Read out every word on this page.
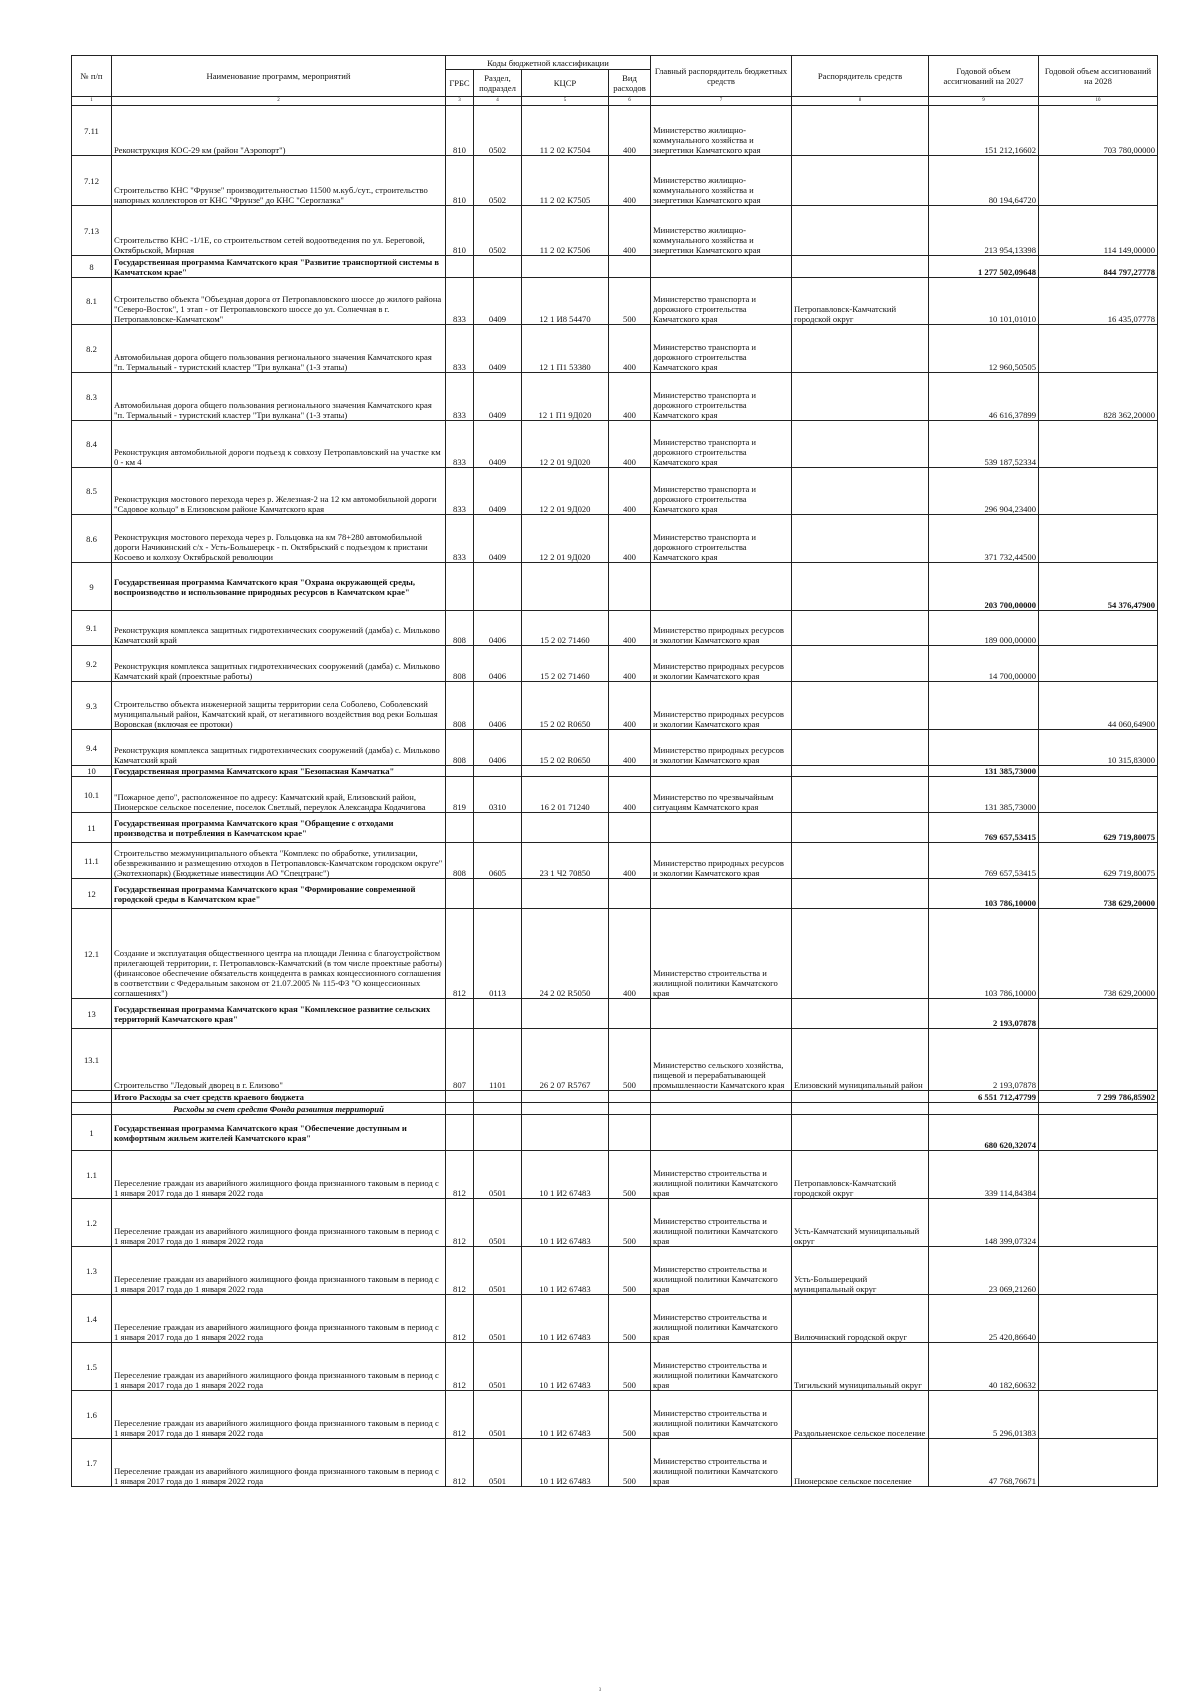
№ п/п	Наименование программ, мероприятий	Коды бюджетной классификации				Главный распорядитель бюджетных средств	Распорядитель средств	Годовой объем ассигнований на 2027	Годовой объем ассигнований на 2028
		ГРБС	Раздел, подраздел	КЦСР	Вид расходов				
1	2	3	4	5	6	7	8	9	10
7.11	Реконструкция КОС-29 км (район "Аэропорт")	810	0502	11 2 02 К7504	400	Министерство жилищно-коммунального хозяйства и энергетики Камчатского края		151 212,16602	703 780,00000
7.12	Строительство КНС "Фрунзе" производительностью 11500 м.куб./сут., строительство напорных коллекторов от КНС "Фрунзе" до КНС "Сероглазка"	810	0502	11 2 02 К7505	400	Министерство жилищно-коммунального хозяйства и энергетики Камчатского края		80 194,64720	
7.13	Строительство КНС -1/1Е, со строительством сетей водоотведения по ул. Береговой, Октябрьской, Мирная	810	0502	11 2 02 К7506	400	Министерство жилищно-коммунального хозяйства и энергетики Камчатского края		213 954,13398	114 149,00000
8	Государственная программа Камчатского края "Развитие транспортной системы в Камчатском крае"							1 277 502,09648	844 797,27778
8.1	Строительство объекта "Объездная дорога от Петропавловского шоссе до жилого района "Северо-Восток", 1 этап - от Петропавловского шоссе до ул. Солнечная в г. Петропавловске-Камчатском"	833	0409	12 1 И8 54470	500	Министерство транспорта и дорожного строительства Камчатского края	Петропавловск-Камчатский городской округ	10 101,01010	16 435,07778
8.2	Автомобильная дорога общего пользования регионального значения Камчатского края "п. Термальный - туристский кластер "Три вулкана" (1-3 этапы)	833	0409	12 1 П1 53380	400	Министерство транспорта и дорожного строительства Камчатского края		12 960,50505	
8.3	Автомобильная дорога общего пользования регионального значения Камчатского края "п. Термальный - туристский кластер "Три вулкана" (1-3 этапы)	833	0409	12 1 П1 9Д020	400	Министерство транспорта и дорожного строительства Камчатского края		46 616,37899	828 362,20000
8.4	Реконструкция автомобильной дороги подъезд к совхозу Петропавловский на участке км 0 - км 4	833	0409	12 2 01 9Д020	400	Министерство транспорта и дорожного строительства Камчатского края		539 187,52334	
8.5	Реконструкция мостового перехода через р. Железная-2 на 12 км автомобильной дороги "Садовое кольцо" в Елизовском районе Камчатского края	833	0409	12 2 01 9Д020	400	Министерство транспорта и дорожного строительства Камчатского края		296 904,23400	
8.6	Реконструкция мостового перехода через р. Гольцовка на км 78+280 автомобильной дороги Начикинский с/х - Усть-Большерецк - п. Октябрьский с подъездом к пристани Косоево и колхозу Октябрьской революции	833	0409	12 2 01 9Д020	400	Министерство транспорта и дорожного строительства Камчатского края		371 732,44500	
9	Государственная программа Камчатского края "Охрана окружающей среды, воспроизводство и использование природных ресурсов в Камчатском крае"							203 700,00000	54 376,47900
9.1	Реконструкция комплекса защитных гидротехнических сооружений (дамба) с. Мильково Камчатский край	808	0406	15 2 02 71460	400	Министерство природных ресурсов и экологии Камчатского края		189 000,00000	
9.2	Реконструкция комплекса защитных гидротехнических сооружений (дамба) с. Мильково Камчатский край (проектные работы)	808	0406	15 2 02 71460	400	Министерство природных ресурсов и экологии Камчатского края		14 700,00000	
9.3	Строительство объекта инженерной защиты территории села Соболево, Соболевский муниципальный район, Камчатский край, от негативного воздействия вод реки Большая Воровская (включая ее протоки)	808	0406	15 2 02 R0650	400	Министерство природных ресурсов и экологии Камчатского края			44 060,64900
9.4	Реконструкция комплекса защитных гидротехнических сооружений (дамба) с. Мильково Камчатский край	808	0406	15 2 02 R0650	400	Министерство природных ресурсов и экологии Камчатского края			10 315,83000
10	Государственная программа Камчатского края "Безопасная Камчатка"							131 385,73000	
10.1	"Пожарное депо", расположенное по адресу: Камчатский край, Елизовский район, Пионерское сельское поселение, поселок Светлый, переулок Александра Кодачигова	819	0310	16 2 01 71240	400	Министерство по чрезвычайным ситуациям Камчатского края		131 385,73000	
11	Государственная программа Камчатского края "Обращение с отходами производства и потребления в Камчатском крае"							769 657,53415	629 719,80075
11.1	Строительство межмуниципального объекта "Комплекс по обработке, утилизации, обезвреживанию и размещению отходов в Петропавловск-Камчатском городском округе" (Экотехнопарк) (Бюджетные инвестиции АО "Спецтранс")	808	0605	23 1 Ч2 70850	400	Министерство природных ресурсов и экологии Камчатского края		769 657,53415	629 719,80075
12	Государственная программа Камчатского края "Формирование современной городской среды в Камчатском крае"							103 786,10000	738 629,20000
12.1	Создание и эксплуатация общественного центра на площади Ленина с благоустройством прилегающей территории, г. Петропавловск-Камчатский (в том числе проектные работы) (финансовое обеспечение обязательств концедента в рамках концессионного соглашения в соответствии с Федеральным законом от 21.07.2005 № 115-ФЗ "О концессионных соглашениях")	812	0113	24 2 02 R5050	400	Министерство строительства и жилищной политики Камчатского края		103 786,10000	738 629,20000
13	Государственная программа Камчатского края "Комплексное развитие сельских территорий Камчатского края"							2 193,07878	
13.1	Строительство "Ледовый дворец в г. Елизово"	807	1101	26 2 07 R5767	500	Министерство сельского хозяйства, пищевой и перерабатывающей промышленности Камчатского края	Елизовский муниципальный район	2 193,07878	
	Итого Расходы за счет средств краевого бюджета							6 551 712,47799	7 299 786,85902
	Расходы за счет средств Фонда развития территорий								
1	Государственная программа Камчатского края "Обеспечение доступным и комфортным жильем жителей Камчатского края"							680 620,32074	
1.1	Переселение граждан из аварийного жилищного фонда признанного таковым в период с 1 января 2017 года до 1 января 2022 года	812	0501	10 1 И2 67483	500	Министерство строительства и жилищной политики Камчатского края	Петропавловск-Камчатский городской округ	339 114,84384	
1.2	Переселение граждан из аварийного жилищного фонда признанного таковым в период с 1 января 2017 года до 1 января 2022 года	812	0501	10 1 И2 67483	500	Министерство строительства и жилищной политики Камчатского края	Усть-Камчатский муниципальный округ	148 399,07324	
1.3	Переселение граждан из аварийного жилищного фонда признанного таковым в период с 1 января 2017 года до 1 января 2022 года	812	0501	10 1 И2 67483	500	Министерство строительства и жилищной политики Камчатского края	Усть-Большерецкий муниципальный округ	23 069,21260	
1.4	Переселение граждан из аварийного жилищного фонда признанного таковым в период с 1 января 2017 года до 1 января 2022 года	812	0501	10 1 И2 67483	500	Министерство строительства и жилищной политики Камчатского края	Вилючинский городской округ	25 420,86640	
1.5	Переселение граждан из аварийного жилищного фонда признанного таковым в период с 1 января 2017 года до 1 января 2022 года	812	0501	10 1 И2 67483	500	Министерство строительства и жилищной политики Камчатского края	Тигильский муниципальный округ	40 182,60632	
1.6	Переселение граждан из аварийного жилищного фонда признанного таковым в период с 1 января 2017 года до 1 января 2022 года	812	0501	10 1 И2 67483	500	Министерство строительства и жилищной политики Камчатского края	Раздольненское сельское поселение	5 296,01383	
1.7	Переселение граждан из аварийного жилищного фонда признанного таковым в период с 1 января 2017 года до 1 января 2022 года	812	0501	10 1 И2 67483	500	Министерство строительства и жилищной политики Камчатского края	Пионерское сельское поселение	47 768,76671	
3
